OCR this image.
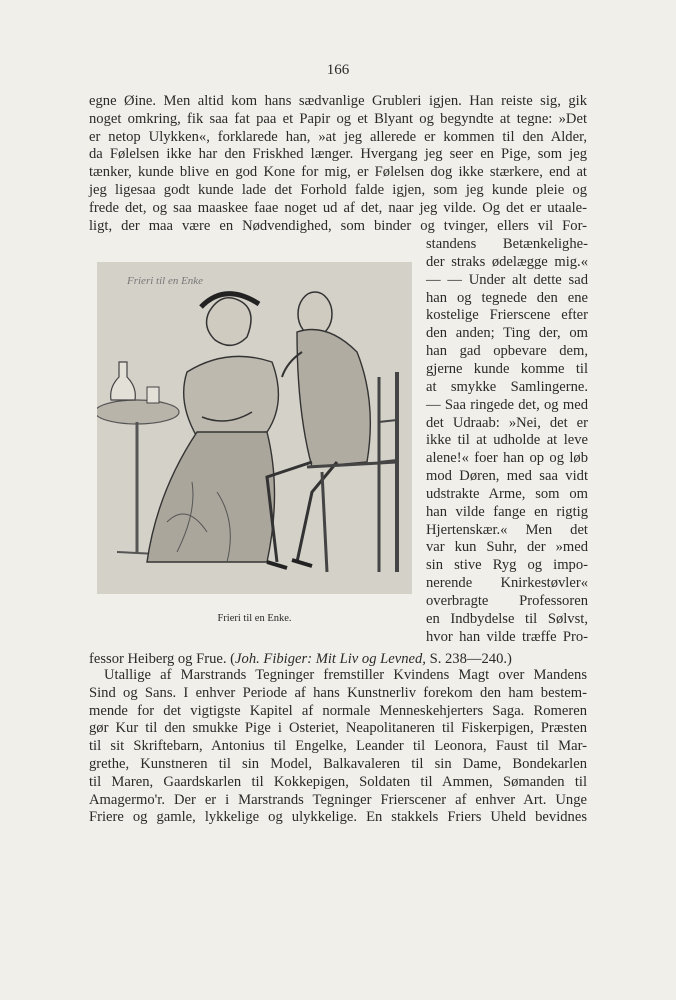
166
egne Øine. Men altid kom hans sædvanlige Grubleri igjen. Han reiste sig, gik
noget omkring, fik saa fat paa et Papir og et Blyant og begyndte at tegne: »Det
er netop Ulykken«, forklarede han, »at jeg allerede er kommen til den Alder,
da Følelsen ikke har den Friskhed længer. Hvergang jeg seer en Pige, som jeg
tænker, kunde blive en god Kone for mig, er Følelsen dog ikke stærkere, end at
jeg ligesaa godt kunde lade det Forhold falde igjen, som jeg kunde pleie og
frede det, og saa maaskee faae noget ud af det, naar jeg vilde. Og det er utaale-
ligt, der maa være en Nødvendighed, som binder og tvinger, ellers vil For-
Frieri til en Enke
Frieri til en Enke.
standens Betænkelighe-
der straks ødelægge mig.«
— — Under alt dette sad
han og tegnede den ene
kostelige Frierscene efter
den anden; Ting der, om
han gad opbevare dem,
gjerne kunde komme til
at smykke Samlingerne.
— Saa ringede det, og med
det Udraab: »Nei, det er
ikke til at udholde at leve
alene!« foer han op og løb
mod Døren, med saa vidt
udstrakte Arme, som om
han vilde fange en rigtig
Hjertenskær.« Men det
var kun Suhr, der »med
sin stive Ryg og impo-
nerende Knirkestøvler«
overbragte Professoren
en Indbydelse til Sølvst,
hvor han vilde træffe Pro-
fessor Heiberg og Frue. (Joh. Fibiger: Mit Liv og Levned, S. 238—240.)
Utallige af Marstrands Tegninger fremstiller Kvindens Magt over Mandens
Sind og Sans. I enhver Periode af hans Kunstnerliv forekom den ham bestem-
mende for det vigtigste Kapitel af normale Menneskehjerters Saga. Romeren
gør Kur til den smukke Pige i Osteriet, Neapolitaneren til Fiskerpigen, Præsten
til sit Skriftebarn, Antonius til Engelke, Leander til Leonora, Faust til Mar-
grethe, Kunstneren til sin Model, Balkavaleren til sin Dame, Bondekarlen
til Maren, Gaardskarlen til Kokkepigen, Soldaten til Ammen, Sømanden til
Amagermo'r. Der er i Marstrands Tegninger Frierscener af enhver Art. Unge
Friere og gamle, lykkelige og ulykkelige. En stakkels Friers Uheld bevidnes
